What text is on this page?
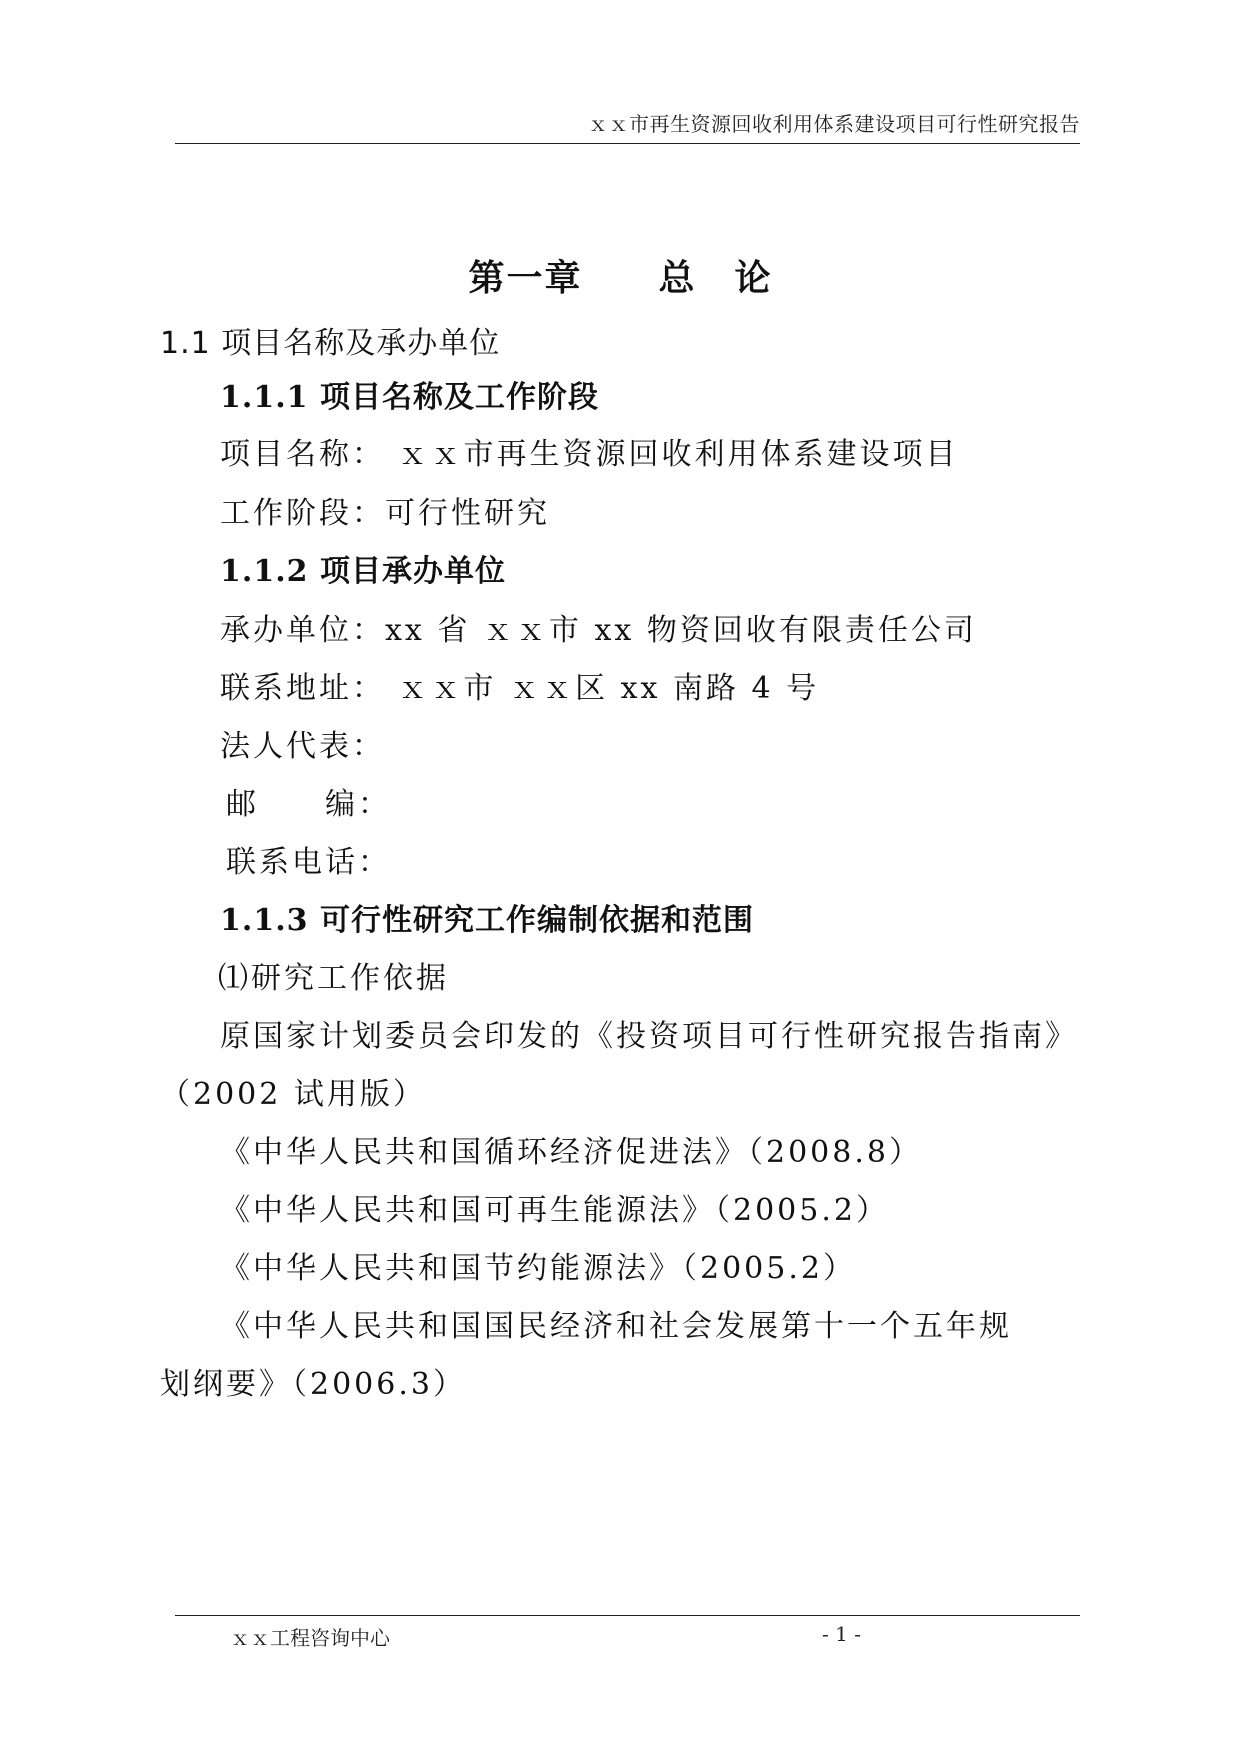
ｘｘ市再生资源回收利用体系建设项目可行性研究报告
第一章　　总　论
1.1 项目名称及承办单位
1.1.1 项目名称及工作阶段
项目名称： ｘｘ市再生资源回收利用体系建设项目
工作阶段：可行性研究
1.1.2 项目承办单位
承办单位：xx 省 ｘｘ市 xx 物资回收有限责任公司
联系地址： ｘｘ市 ｘｘ区 xx 南路 4 号
法人代表：
邮　　编：
联系电话：
1.1.3 可行性研究工作编制依据和范围
⑴研究工作依据
原国家计划委员会印发的《投资项目可行性研究报告指南》
（2002 试用版）
《中华人民共和国循环经济促进法》（2008.8）
《中华人民共和国可再生能源法》（2005.2）
《中华人民共和国节约能源法》（2005.2）
《中华人民共和国国民经济和社会发展第十一个五年规
划纲要》（2006.3）
ｘｘ工程咨询中心	- 1 -
